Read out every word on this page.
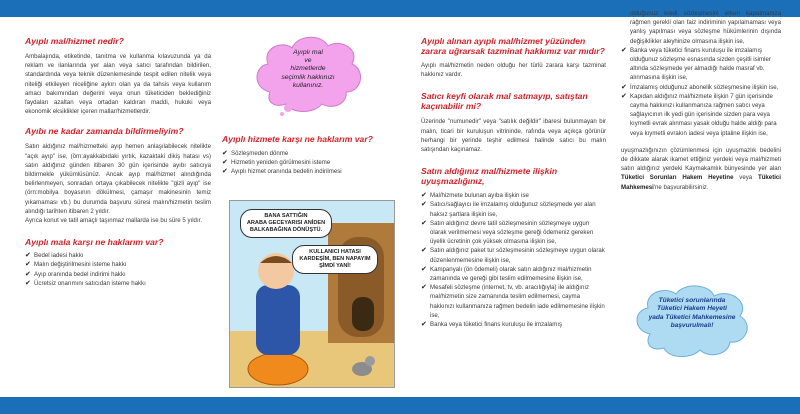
Ayıplı mal/hizmet nedir?
Ambalajında, etiketinde, tanıtma ve kullanma kılavuzunda ya da reklam ve ilanlarında yer alan veya satıcı tarafından bildirilen, standardında veya teknik düzenlemesinde tespit edilen nitelik veya niteliği etkileyen niceliğine aykırı olan ya da tahsis veya kullanım amacı bakımından değerini veya onun tüketiciden beklediğiniz faydaları azaltan veya ortadan kaldıran maddi, hukuki veya ekonomik eksiklikler içeren mallar/hizmetlerdir.
Ayıbı ne kadar zamanda bildirmeliyim?
Satın aldığınız mal/hizmetteki ayıp hemen anlaşılabilecek nitelikte "açık ayıp" ise, (örn:ayakkabıdaki yırtık, kazaktaki dikiş hatası vs) satın aldığınız günden itibaren 30 gün içerisinde ayıbı satıcıya bildirmekle yükümlüsünüz. Ancak ayıp mal/hizmet alındığında belirlenmeyen, sonradan ortaya çıkabilecek nitelikte "gizli ayıp" ise (örn:mobilya boyasının dökülmesi, çamaşır makinesinin temiz yıkamaması vb.) bu durumda başvuru süresi malın/hizmetin teslim alındığı tarihten itibaren 2 yıldır.
Ayrıca konut ve tatil amaçlı taşınmaz mallarda ise bu süre 5 yıldır.
Ayıplı mala karşı ne haklarım var?
✔ Bedel iadesi hakkı
✔ Malın değiştirilmesini isteme hakkı
✔ Ayıp oranında bedel indirimi hakkı
✔ Ücretsiz onarımını satıcıdan isteme hakkı
Ayıplı mal
ve
hizmetlerde
seçimlik hakkınızı
kullanınız.
Ayıplı hizmete karşı ne haklarım var?
✔ Sözleşmeden dönme
✔ Hizmetin yeniden görülmesini isteme
✔ Ayıplı hizmet oranında bedelin indirilmesi
BANA SATTIĞIN
ARABA GECEYARISI ANİDEN
BALKABAĞINA DÖNÜŞTÜ.
KULLANICI HATASI
KARDEŞİM, BEN NAPAYIM
ŞİMDİ YANİ!
Ayıplı alınan ayıplı mal/hizmet yüzünden zarara uğrarsak tazminat hakkımız var mıdır?
Ayıplı mal/hizmetin neden olduğu her türlü zarara karşı tazminat hakkınız vardır.
Satıcı keyfi olarak mal satmayıp, satıştan kaçınabilir mi?
Üzerinde "numunedir" veya "satılık değildir" ibaresi bulunmayan bir malın, ticari bir kuruluşun vitrininde, rafında veya açıkça görünür herhangi bir yerinde teşhir edilmesi halinde satıcı bu malın satışından kaçınamaz.
Satın aldığınız mal/hizmete ilişkin uyuşmazlığınız,
✔ Mal/hizmete bulunan ayıba ilişkin ise
✔ Satıcı/sağlayıcı ile imzalamış olduğunuz sözleşmede yer alan haksız şartlara ilişkin ise,
✔ Satın aldığınız devre tatil sözleşmesinin sözleşmeye uygun olarak verilmemesi veya sözleşme gereği ödemeniz gereken üyelik ücretinin çok yüksek olmasına ilişkin ise,
✔ Satın aldığınız paket tur sözleşmesinin sözleşmeye uygun olarak düzenlenmemesine ilişkin ise,
✔ Kampanyalı (ön ödemeli) olarak satın aldığınız mal/hizmetin zamanında ve gereği gibi teslim edilmemesine ilişkin ise,
✔ Mesafeli sözleşme (internet, tv, vb. aracılığıyla) ile aldığınız mal/hizmetin size zamanında teslim edilmemesi, cayma hakkınızı kullanmanıza rağmen bedelin iade edilmemesine ilişkin ise,
✔ Banka veya tüketici finans kuruluşu ile imzalamış
olduğunuz kredi sözleşmesini erken kapatmanıza rağmen gerekli olan faiz indiriminin yapılamaması veya yanlış yapılması veya sözleşme hükümlerinin dışında değişiklikler aleyhinize olmasına ilişkin ise,
✔ Banka veya tüketici finans kuruluşu ile imzalamış olduğunuz sözleşme esnasında sizden çeşitli isimler altında sözleşmede yer almadığı halde masraf vb. alınmasına ilişkin ise,
✔ İmzalamış olduğunuz abonelik sözleşmesine ilişkin ise,
✔ Kapıdan aldığınız mal/hizmete ilişkin 7 gün içerisinde cayma hakkınızı kullanmanıza rağmen satıcı veya sağlayıcının ilk yedi gün içerisinde sizden para veya kıymetli evrak alınması yasak olduğu halde aldığı para veya kıymetli evrakın iadesi veya iptaline ilişkin ise,
uyuşmazlığınızın çözümlenmesi için uyuşmazlık bedelini de dikkate alarak ikamet ettiğiniz yerdeki veya mal/hizmeti satın aldığınız yerdeki Kaymakamlık bünyesinde yer alan Tüketici Sorunları Hakem Heyetine veya Tüketici Mahkemesi'ne başvurabilirsiniz.
Tüketici sorunlarında
Tüketici Hakem Heyeti
yada Tüketici Mahkemesine
başvurulmalı!
